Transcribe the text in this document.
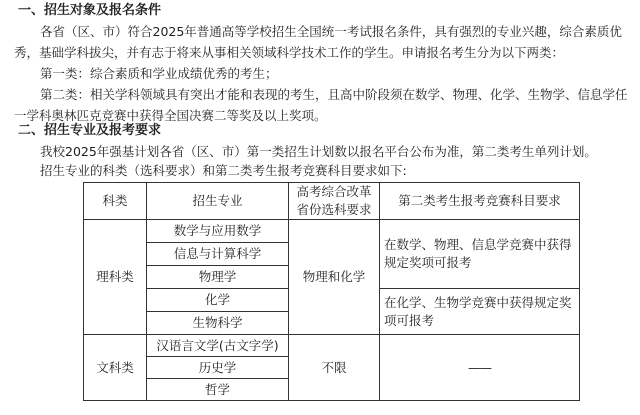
一、招生对象及报名条件

各省（区、市）符合2025年普通高等学校招生全国统一考试报名条件，具有强烈的专业兴趣，综合素质优秀，基础学科拔尖，并有志于将来从事相关领域科学技术工作的学生。申请报名考生分为以下两类：

第一类：综合素质和学业成绩优秀的考生；

第二类：相关学科领域具有突出才能和表现的考生，且高中阶段须在数学、物理、化学、生物学、信息学任一学科奥林匹克竞赛中获得全国决赛二等奖及以上奖项。

二、招生专业及报考要求

我校2025年强基计划各省（区、市）第一类招生计划数以报名平台公布为准，第二类考生单列计划。

招生专业的科类（选科要求）和第二类考生报考竞赛科目要求如下:

科类	招生专业	高考综合改革省份选科要求	第二类考生报考竞赛科目要求
理科类	数学与应用数学	物理和化学	在数学、物理、信息学竞赛中获得规定奖项可报考
	信息与计算科学		
	物理学		
	化学		在化学、生物学竞赛中获得规定奖项可报考
	生物科学		
文科类	汉语言文学(古文字学)	不限	——
	历史学		
	哲学		
